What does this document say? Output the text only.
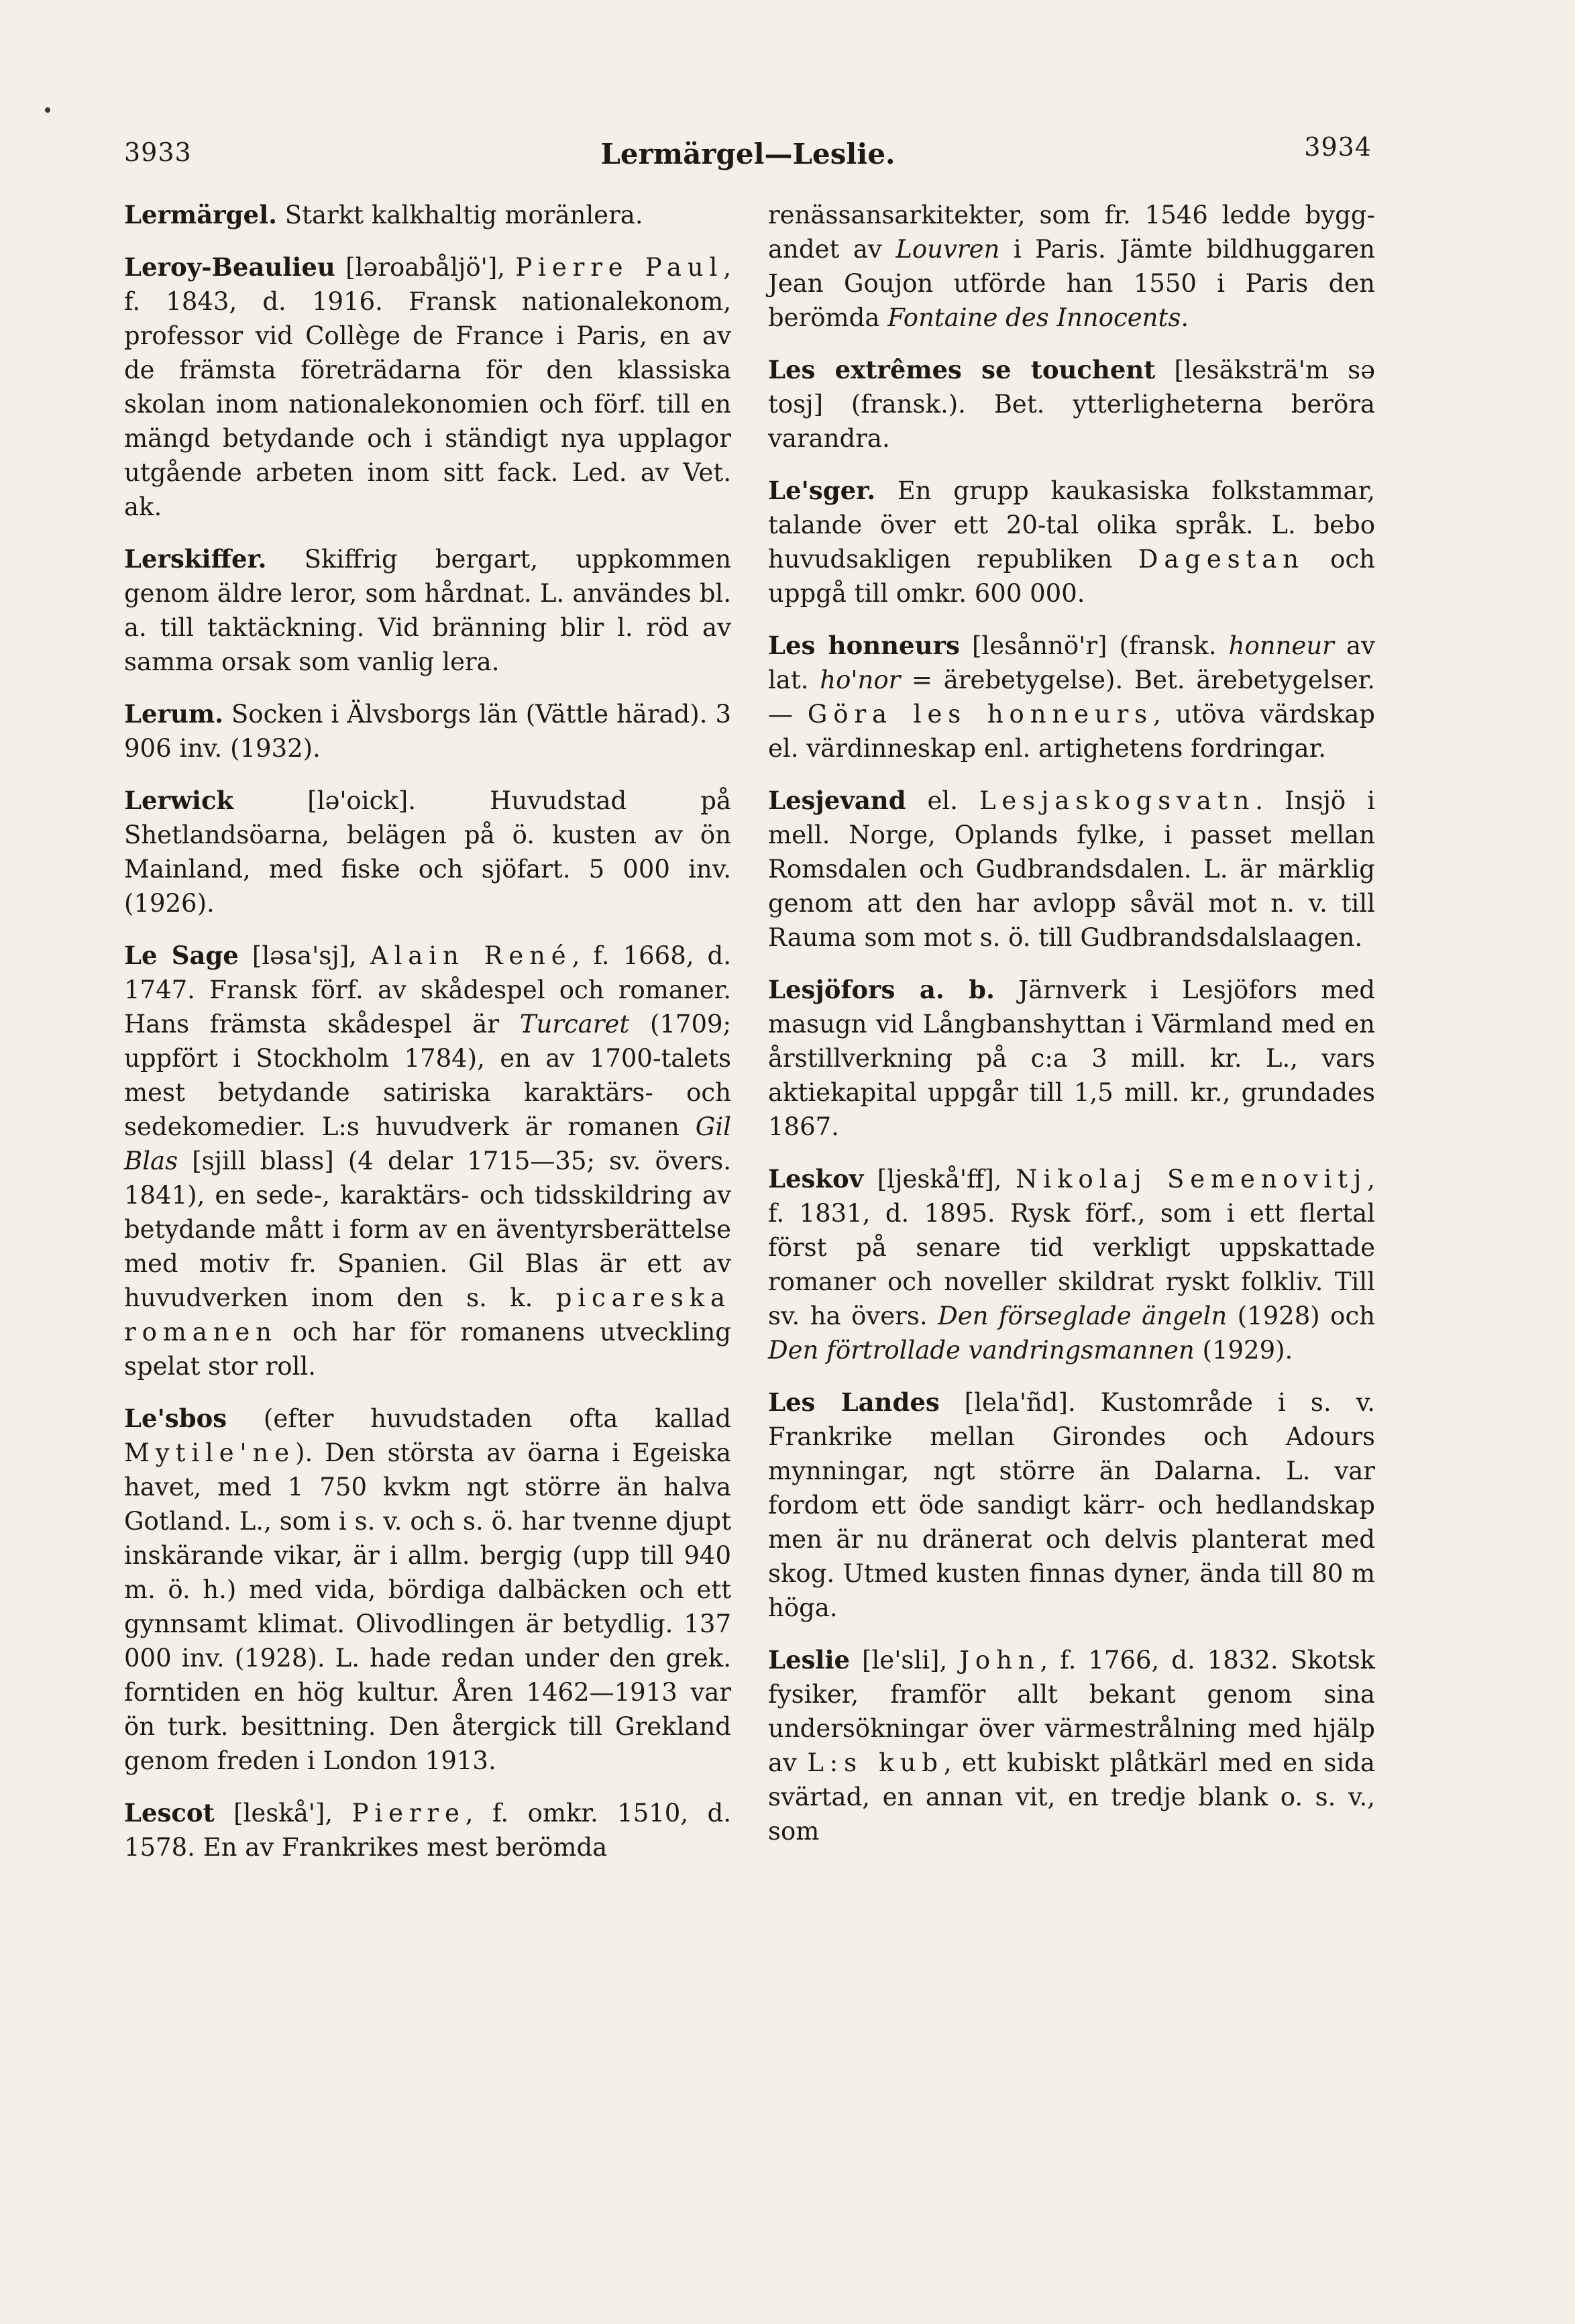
3933	Lermärgel—Leslie.	3934

Lermärgel. Starkt kalkhaltig moränlera.

Leroy-Beaulieu [ləroabåljö'], Pierre Paul, f. 1843, d. 1916. Fransk nationalekonom, professor vid Collège de France i Paris, en av de främsta företrädarna för den klassiska skolan inom nationalekonomien och förf. till en mängd betydande och i ständigt nya upplagor utgående arbeten inom sitt fack. Led. av Vet. ak.

Lerskiffer. Skiffrig bergart, uppkommen genom äldre leror, som hårdnat. L. användes bl. a. till taktäckning. Vid bränning blir l. röd av samma orsak som vanlig lera.

Lerum. Socken i Älvsborgs län (Vättle härad). 3 906 inv. (1932).

Lerwick [lə'oick]. Huvudstad på Shetlandsöarna, belägen på ö. kusten av ön Mainland, med fiske och sjöfart. 5 000 inv. (1926).

Le Sage [ləsa'sj], Alain René, f. 1668, d. 1747. Fransk förf. av skådespel och romaner. Hans främsta skådespel är Turcaret (1709; uppfört i Stockholm 1784), en av 1700-talets mest betydande satiriska karaktärs- och sedekomedier. L:s huvudverk är romanen Gil Blas [sjill blass] (4 delar 1715—35; sv. övers. 1841), en sede-, karaktärs- och tidsskildring av betydande mått i form av en äventyrsberättelse med motiv fr. Spanien. Gil Blas är ett av huvudverken inom den s. k. picareska romanen och har för romanens utveckling spelat stor roll.

Le'sbos (efter huvudstaden ofta kallad Mytile'ne). Den största av öarna i Egeiska havet, med 1 750 kvkm ngt större än halva Gotland. L., som i s. v. och s. ö. har tvenne djupt inskärande vikar, är i allm. bergig (upp till 940 m. ö. h.) med vida, bördiga dalbäcken och ett gynnsamt klimat. Olivodlingen är betydlig. 137 000 inv. (1928). L. hade redan under den grek. forntiden en hög kultur. Åren 1462—1913 var ön turk. besittning. Den återgick till Grekland genom freden i London 1913.

Lescot [leskå'], Pierre, f. omkr. 1510, d. 1578. En av Frankrikes mest berömda

renässansarkitekter, som fr. 1546 ledde bygg-andet av Louvren i Paris. Jämte bildhuggaren Jean Goujon utförde han 1550 i Paris den berömda Fontaine des Innocents.

Les extrêmes se touchent [lesäksträ'm sə tosj] (fransk.). Bet. ytterligheterna beröra varandra.

Le'sger. En grupp kaukasiska folkstammar, talande över ett 20-tal olika språk. L. bebo huvudsakligen republiken Dagestan och uppgå till omkr. 600 000.

Les honneurs [lesånnö'r] (fransk. honneur av lat. ho'nor = ärebetygelse). Bet. ärebetygelser. — Göra les honneurs, utöva värdskap el. värdinneskap enl. artighetens fordringar.

Lesjevand el. Lesjaskogsvatn. Insjö i mell. Norge, Oplands fylke, i passet mellan Romsdalen och Gudbrandsdalen. L. är märklig genom att den har avlopp såväl mot n. v. till Rauma som mot s. ö. till Gudbrandsdalslaagen.

Lesjöfors a. b. Järnverk i Lesjöfors med masugn vid Långbanshyttan i Värmland med en årstillverkning på c:a 3 mill. kr. L., vars aktiekapital uppgår till 1,5 mill. kr., grundades 1867.

Leskov [ljeskå'ff], Nikolaj Semenovitj, f. 1831, d. 1895. Rysk förf., som i ett flertal först på senare tid verkligt uppskattade romaner och noveller skildrat ryskt folkliv. Till sv. ha övers. Den förseglade ängeln (1928) och Den förtrollade vandringsmannen (1929).

Les Landes [lela'ñd]. Kustområde i s. v. Frankrike mellan Girondes och Adours mynningar, ngt större än Dalarna. L. var fordom ett öde sandigt kärr- och hedlandskap men är nu dränerat och delvis planterat med skog. Utmed kusten finnas dyner, ända till 80 m höga.

Leslie [le'sli], John, f. 1766, d. 1832. Skotsk fysiker, framför allt bekant genom sina undersökningar över värmestrålning med hjälp av L:s kub, ett kubiskt plåtkärl med en sida svärtad, en annan vit, en tredje blank o. s. v., som
